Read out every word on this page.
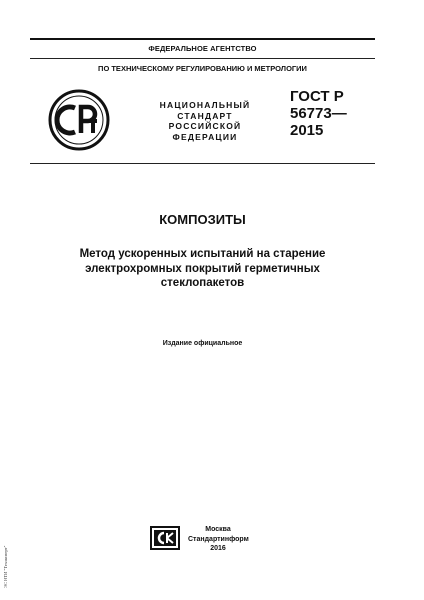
ФЕДЕРАЛЬНОЕ АГЕНТСТВО
ПО ТЕХНИЧЕСКОМУ РЕГУЛИРОВАНИЮ И МЕТРОЛОГИИ
НАЦИОНАЛЬНЫЙ
СТАНДАРТ
РОССИЙСКОЙ
ФЕДЕРАЦИИ
ГОСТ Р
56773—
2015
КОМПОЗИТЫ
Метод ускоренных испытаний на старение
электрохромных покрытий герметичных
стеклопакетов
Издание официальное
ЭС НТИ "Техэксперт"
Москва
Стандартинформ
2016
